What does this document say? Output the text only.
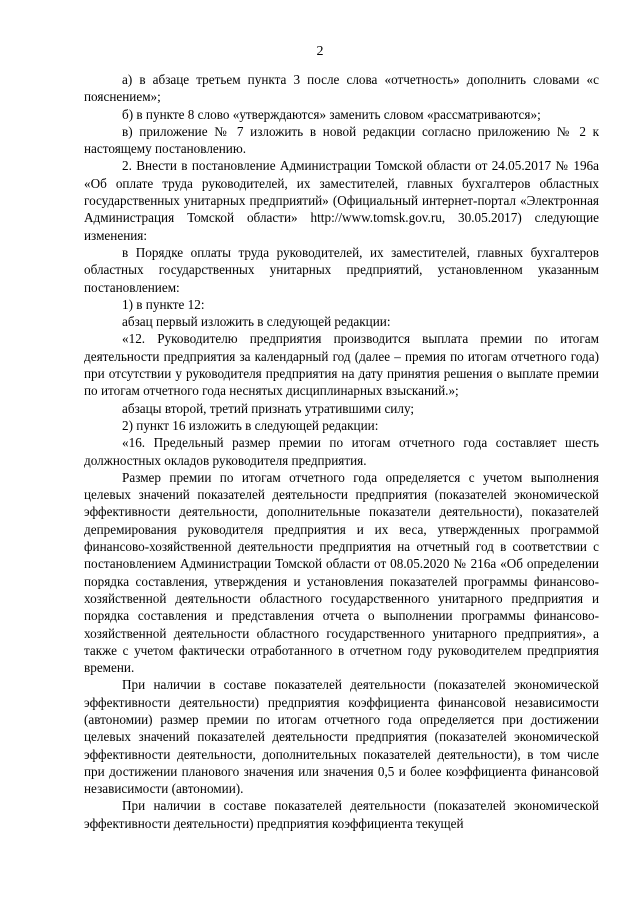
2

а) в абзаце третьем пункта 3 после слова «отчетность» дополнить словами «с пояснением»;

б) в пункте 8 слово «утверждаются» заменить словом «рассматриваются»;

в) приложение № 7 изложить в новой редакции согласно приложению № 2 к настоящему постановлению.

2. Внести в постановление Администрации Томской области от 24.05.2017 № 196а «Об оплате труда руководителей, их заместителей, главных бухгалтеров областных государственных унитарных предприятий» (Официальный интернет-портал «Электронная Администрация Томской области» http://www.tomsk.gov.ru, 30.05.2017) следующие изменения:

в Порядке оплаты труда руководителей, их заместителей, главных бухгалтеров областных государственных унитарных предприятий, установленном указанным постановлением:

1) в пункте 12:

абзац первый изложить в следующей редакции:

«12. Руководителю предприятия производится выплата премии по итогам деятельности предприятия за календарный год (далее – премия по итогам отчетного года) при отсутствии у руководителя предприятия на дату принятия решения о выплате премии по итогам отчетного года неснятых дисциплинарных взысканий.»;

абзацы второй, третий признать утратившими силу;

2) пункт 16 изложить в следующей редакции:

«16. Предельный размер премии по итогам отчетного года составляет шесть должностных окладов руководителя предприятия.

Размер премии по итогам отчетного года определяется с учетом выполнения целевых значений показателей деятельности предприятия (показателей экономической эффективности деятельности, дополнительные показатели деятельности), показателей депремирования руководителя предприятия и их веса, утвержденных программой финансово-хозяйственной деятельности предприятия на отчетный год в соответствии с постановлением Администрации Томской области от 08.05.2020 № 216а «Об определении порядка составления, утверждения и установления показателей программы финансово-хозяйственной деятельности областного государственного унитарного предприятия и порядка составления и представления отчета о выполнении программы финансово-хозяйственной деятельности областного государственного унитарного предприятия», а также с учетом фактически отработанного в отчетном году руководителем предприятия времени.

При наличии в составе показателей деятельности (показателей экономической эффективности деятельности) предприятия коэффициента финансовой независимости (автономии) размер премии по итогам отчетного года определяется при достижении целевых значений показателей деятельности предприятия (показателей экономической эффективности деятельности, дополнительных показателей деятельности), в том числе при достижении планового значения или значения 0,5 и более коэффициента финансовой независимости (автономии).

При наличии в составе показателей деятельности (показателей экономической эффективности деятельности) предприятия коэффициента текущей
